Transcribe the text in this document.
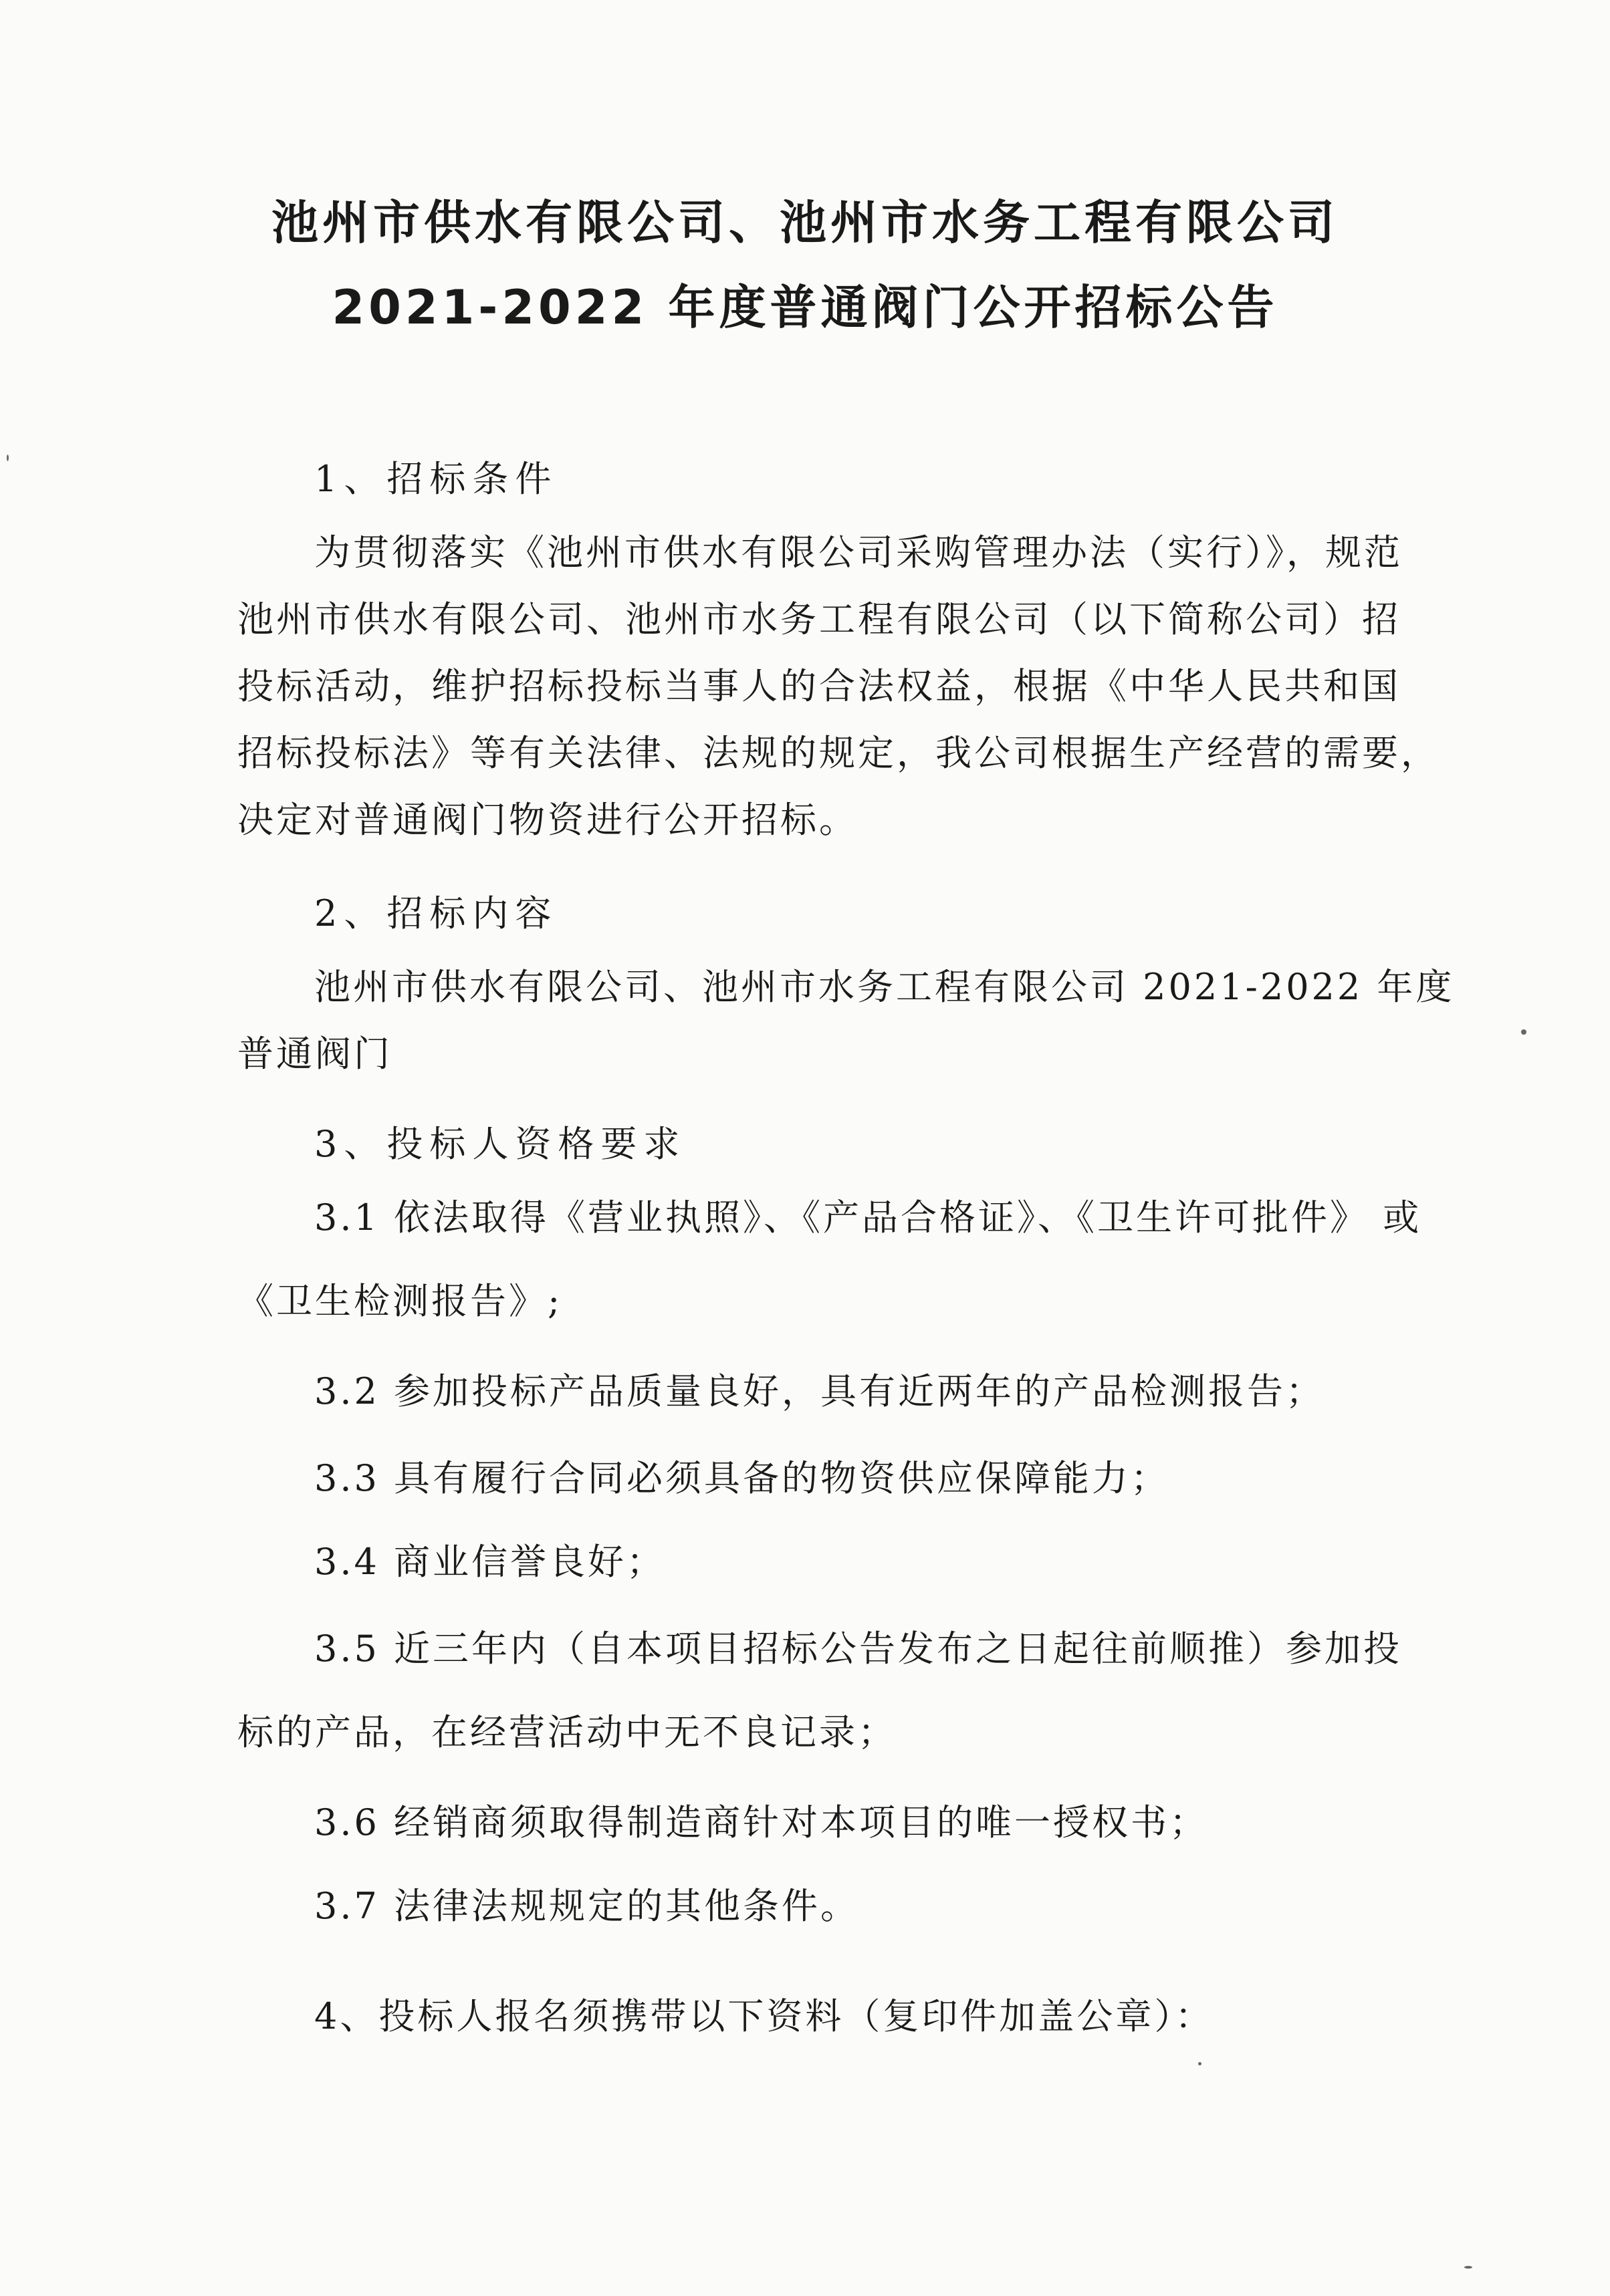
池州市供水有限公司、池州市水务工程有限公司
2021-2022 年度普通阀门公开招标公告
1、招标条件
为贯彻落实《池州市供水有限公司采购管理办法（实行）》，规范
池州市供水有限公司、池州市水务工程有限公司（以下简称公司）招
投标活动，维护招标投标当事人的合法权益，根据《中华人民共和国
招标投标法》等有关法律、法规的规定，我公司根据生产经营的需要，
决定对普通阀门物资进行公开招标。
2、招标内容
池州市供水有限公司、池州市水务工程有限公司 2021-2022 年度
普通阀门
3、投标人资格要求
3.1 依法取得《营业执照》、《产品合格证》、《卫生许可批件》 或
《卫生检测报告》;
3.2 参加投标产品质量良好，具有近两年的产品检测报告；
3.3 具有履行合同必须具备的物资供应保障能力；
3.4 商业信誉良好；
3.5 近三年内（自本项目招标公告发布之日起往前顺推）参加投
标的产品，在经营活动中无不良记录；
3.6 经销商须取得制造商针对本项目的唯一授权书；
3.7 法律法规规定的其他条件。
4、投标人报名须携带以下资料（复印件加盖公章）：
